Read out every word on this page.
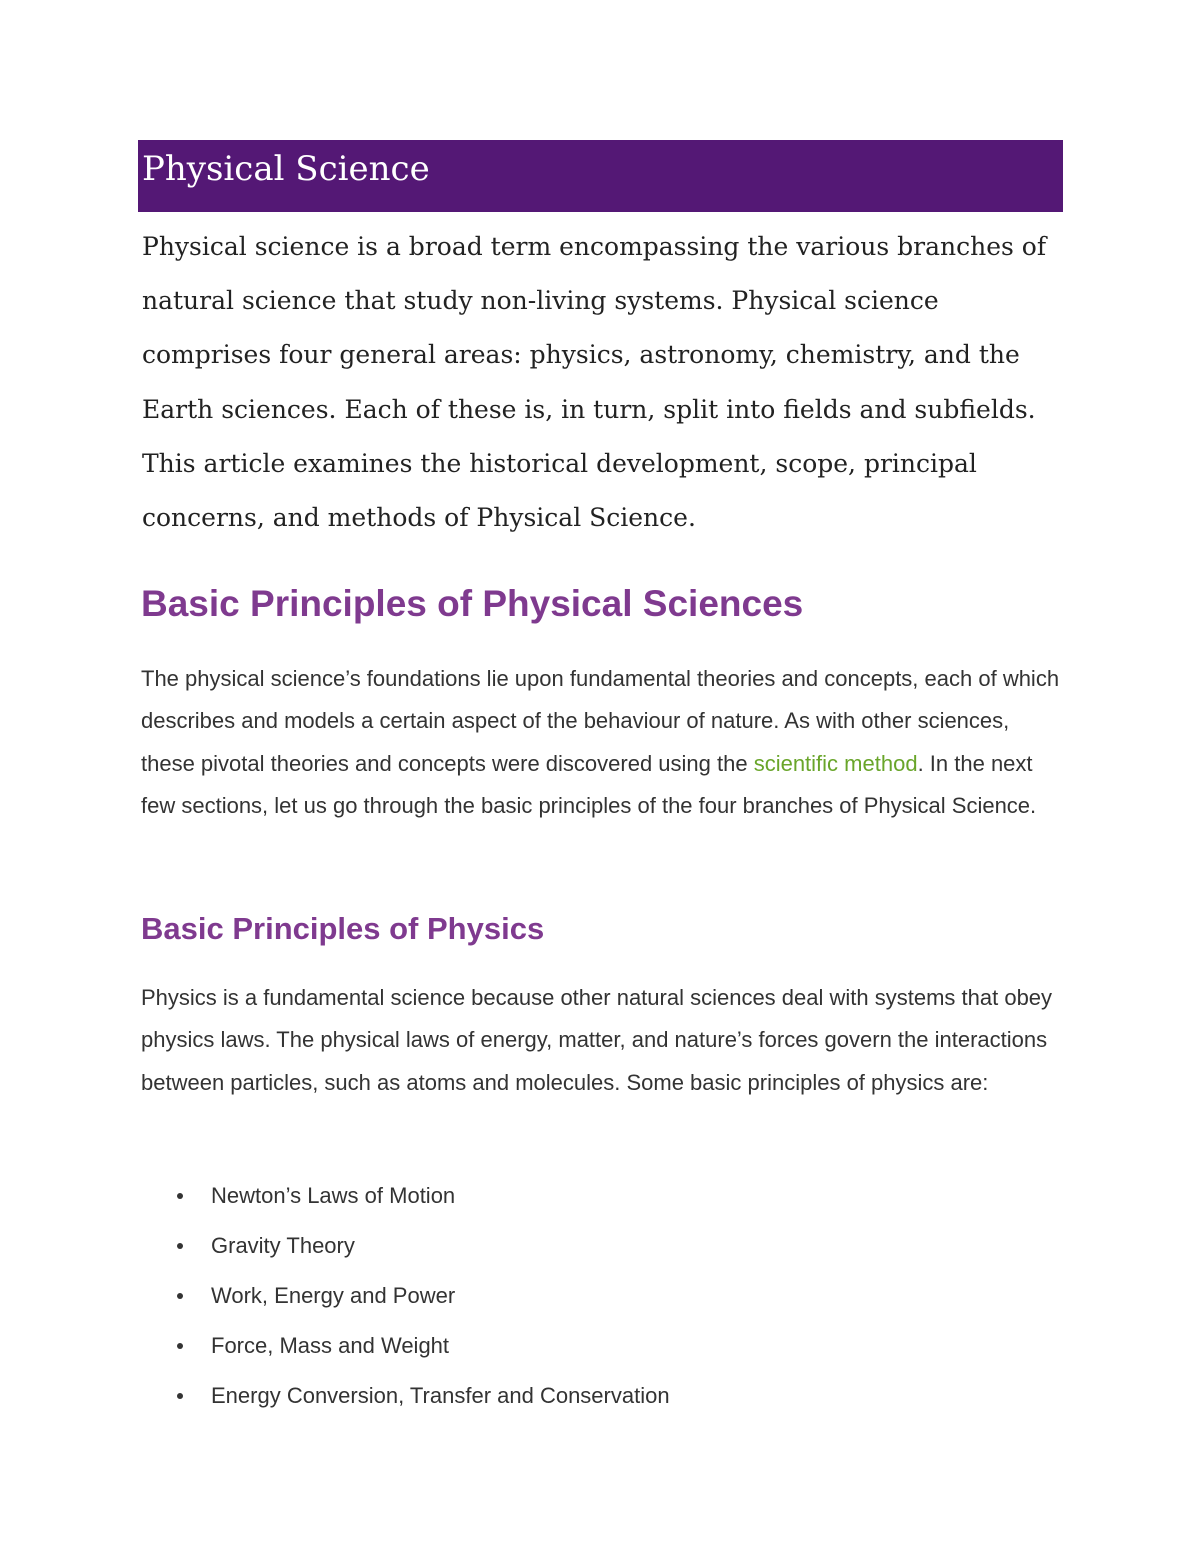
Physical Science

Physical science is a broad term encompassing the various branches of
natural science that study non-living systems. Physical science
comprises four general areas: physics, astronomy, chemistry, and the
Earth sciences. Each of these is, in turn, split into fields and subfields.
This article examines the historical development, scope, principal
concerns, and methods of Physical Science.

Basic Principles of Physical Sciences

The physical science’s foundations lie upon fundamental theories and concepts, each of which describes and models a certain aspect of the behaviour of nature. As with other sciences, these pivotal theories and concepts were discovered using the scientific method. In the next few sections, let us go through the basic principles of the four branches of Physical Science.

Basic Principles of Physics

Physics is a fundamental science because other natural sciences deal with systems that obey physics laws. The physical laws of energy, matter, and nature’s forces govern the interactions between particles, such as atoms and molecules. Some basic principles of physics are:

Newton’s Laws of Motion
Gravity Theory
Work, Energy and Power
Force, Mass and Weight
Energy Conversion, Transfer and Conservation
